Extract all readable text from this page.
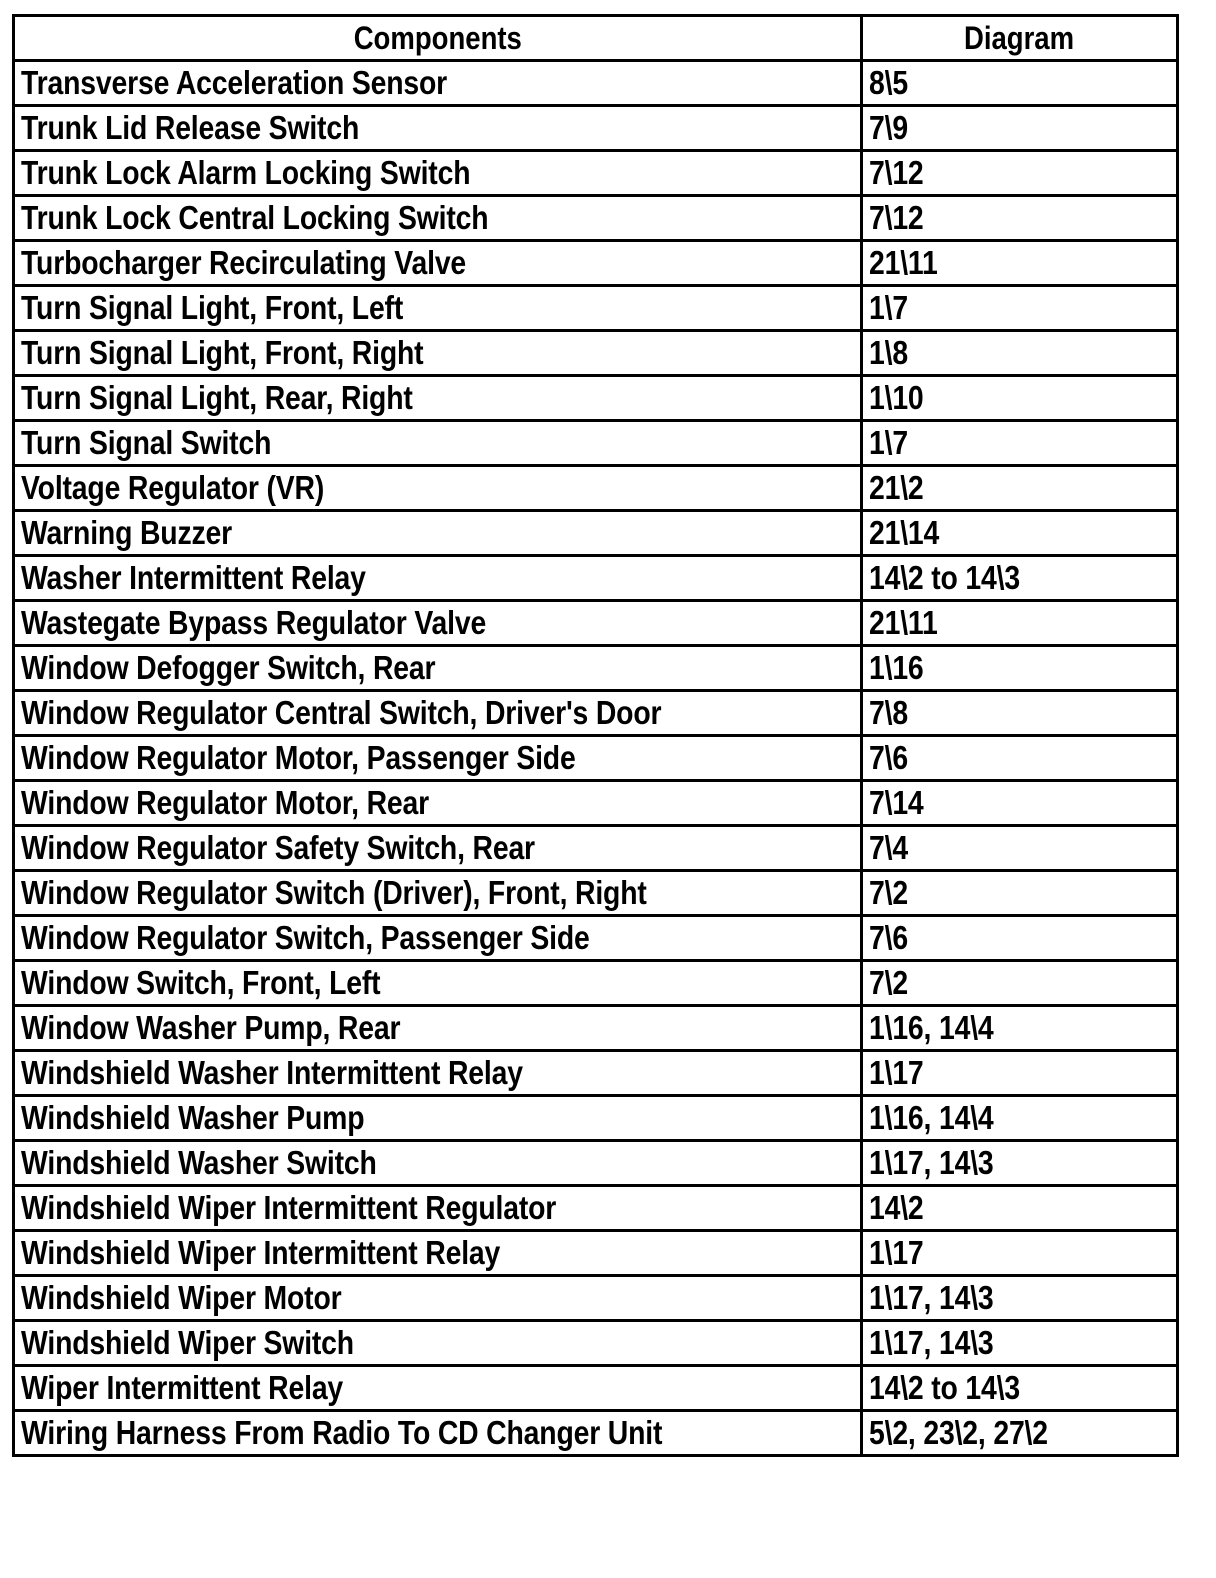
Components	Diagram
Transverse Acceleration Sensor	8\5
Trunk Lid Release Switch	7\9
Trunk Lock Alarm Locking Switch	7\12
Trunk Lock Central Locking Switch	7\12
Turbocharger Recirculating Valve	21\11
Turn Signal Light, Front, Left	1\7
Turn Signal Light, Front, Right	1\8
Turn Signal Light, Rear, Right	1\10
Turn Signal Switch	1\7
Voltage Regulator (VR)	21\2
Warning Buzzer	21\14
Washer Intermittent Relay	14\2 to 14\3
Wastegate Bypass Regulator Valve	21\11
Window Defogger Switch, Rear	1\16
Window Regulator Central Switch, Driver's Door	7\8
Window Regulator Motor, Passenger Side	7\6
Window Regulator Motor, Rear	7\14
Window Regulator Safety Switch, Rear	7\4
Window Regulator Switch (Driver), Front, Right	7\2
Window Regulator Switch, Passenger Side	7\6
Window Switch, Front, Left	7\2
Window Washer Pump, Rear	1\16, 14\4
Windshield Washer Intermittent Relay	1\17
Windshield Washer Pump	1\16, 14\4
Windshield Washer Switch	1\17, 14\3
Windshield Wiper Intermittent Regulator	14\2
Windshield Wiper Intermittent Relay	1\17
Windshield Wiper Motor	1\17, 14\3
Windshield Wiper Switch	1\17, 14\3
Wiper Intermittent Relay	14\2 to 14\3
Wiring Harness From Radio To CD Changer Unit	5\2, 23\2, 27\2
